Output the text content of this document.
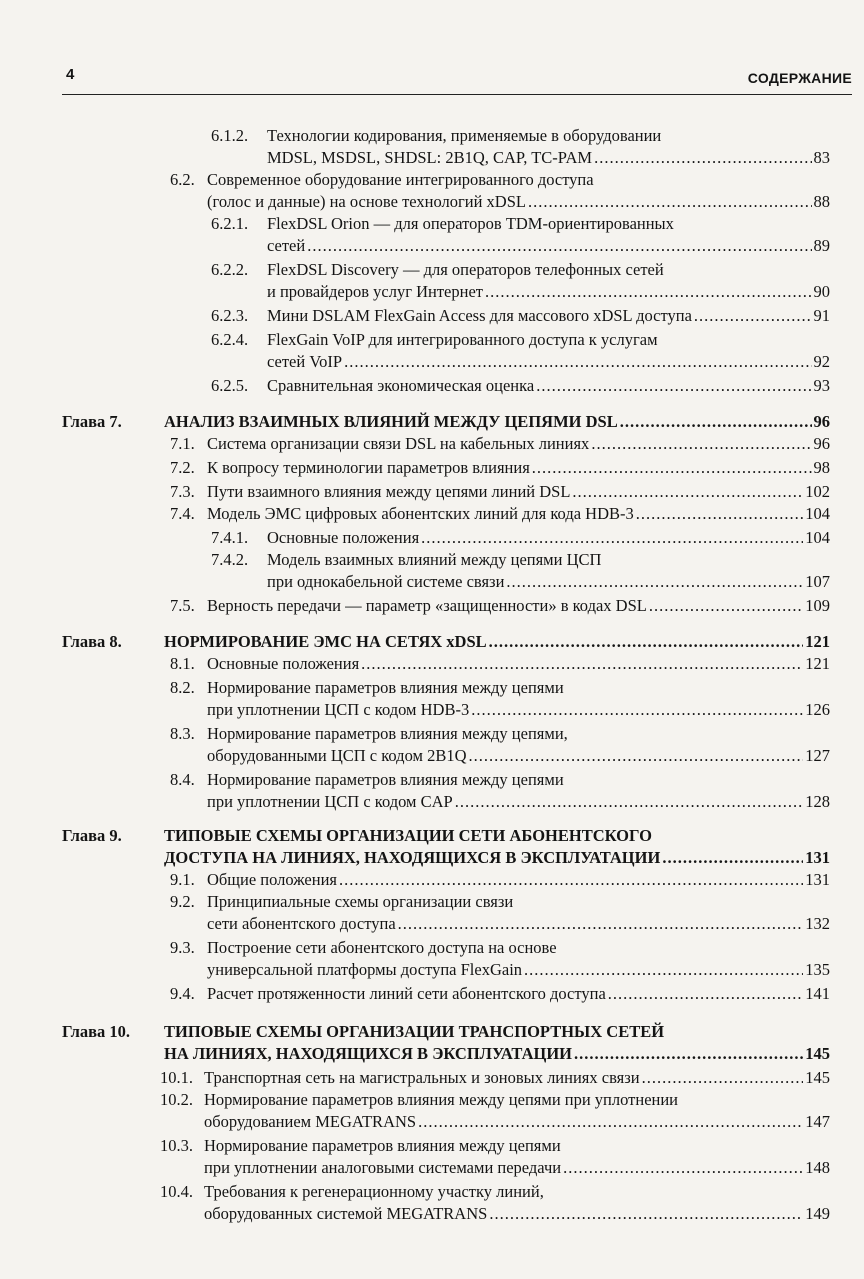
4	СОДЕРЖАНИЕ
6.1.2. Технологии кодирования, применяемые в оборудовании
MDSL, MSDSL, SHDSL: 2B1Q, CAP, TC-PAM .....	83
6.2. Современное оборудование интегрированного доступа
(голос и данные) на основе технологий xDSL .....	88
6.2.1. FlexDSL Orion — для операторов TDM-ориентированных
сетей .....	89
6.2.2. FlexDSL Discovery — для операторов телефонных сетей
и провайдеров услуг Интернет .....	90
6.2.3. Мини DSLAM FlexGain Access для массового xDSL доступа .....	91
6.2.4. FlexGain VoIP для интегрированного доступа к услугам
сетей VoIP .....	92
6.2.5. Сравнительная экономическая оценка .....	93
Глава 7.	АНАЛИЗ ВЗАИМНЫХ ВЛИЯНИЙ МЕЖДУ ЦЕПЯМИ DSL .....	96
7.1. Система организации связи DSL на кабельных линиях .....	96
7.2. К вопросу терминологии параметров влияния .....	98
7.3. Пути взаимного влияния между цепями линий DSL .....	102
7.4. Модель ЭМС цифровых абонентских линий для кода HDB-3 .....	104
7.4.1. Основные положения .....	104
7.4.2. Модель взаимных влияний между цепями ЦСП
при однокабельной системе связи .....	107
7.5. Верность передачи — параметр «защищенности» в кодах DSL .....	109
Глава 8.	НОРМИРОВАНИЕ ЭМС НА СЕТЯХ xDSL .....	121
8.1. Основные положения .....	121
8.2. Нормирование параметров влияния между цепями
при уплотнении ЦСП с кодом HDB-3 .....	126
8.3. Нормирование параметров влияния между цепями,
оборудованными ЦСП с кодом 2B1Q .....	127
8.4. Нормирование параметров влияния между цепями
при уплотнении ЦСП с кодом CAP .....	128
Глава 9.	ТИПОВЫЕ СХЕМЫ ОРГАНИЗАЦИИ СЕТИ АБОНЕНТСКОГО
ДОСТУПА НА ЛИНИЯХ, НАХОДЯЩИХСЯ В ЭКСПЛУАТАЦИИ .....	131
9.1. Общие положения .....	131
9.2. Принципиальные схемы организации связи
сети абонентского доступа .....	132
9.3. Построение сети абонентского доступа на основе
универсальной платформы доступа FlexGain .....	135
9.4. Расчет протяженности линий сети абонентского доступа .....	141
Глава 10. ТИПОВЫЕ СХЕМЫ ОРГАНИЗАЦИИ ТРАНСПОРТНЫХ СЕТЕЙ
НА ЛИНИЯХ, НАХОДЯЩИХСЯ В ЭКСПЛУАТАЦИИ .....	145
10.1. Транспортная сеть на магистральных и зоновых линиях связи .....	145
10.2. Нормирование параметров влияния между цепями при уплотнении
оборудованием MEGATRANS .....	147
10.3. Нормирование параметров влияния между цепями
при уплотнении аналоговыми системами передачи .....	148
10.4. Требования к регенерационному участку линий,
оборудованных системой MEGATRANS .....	149
